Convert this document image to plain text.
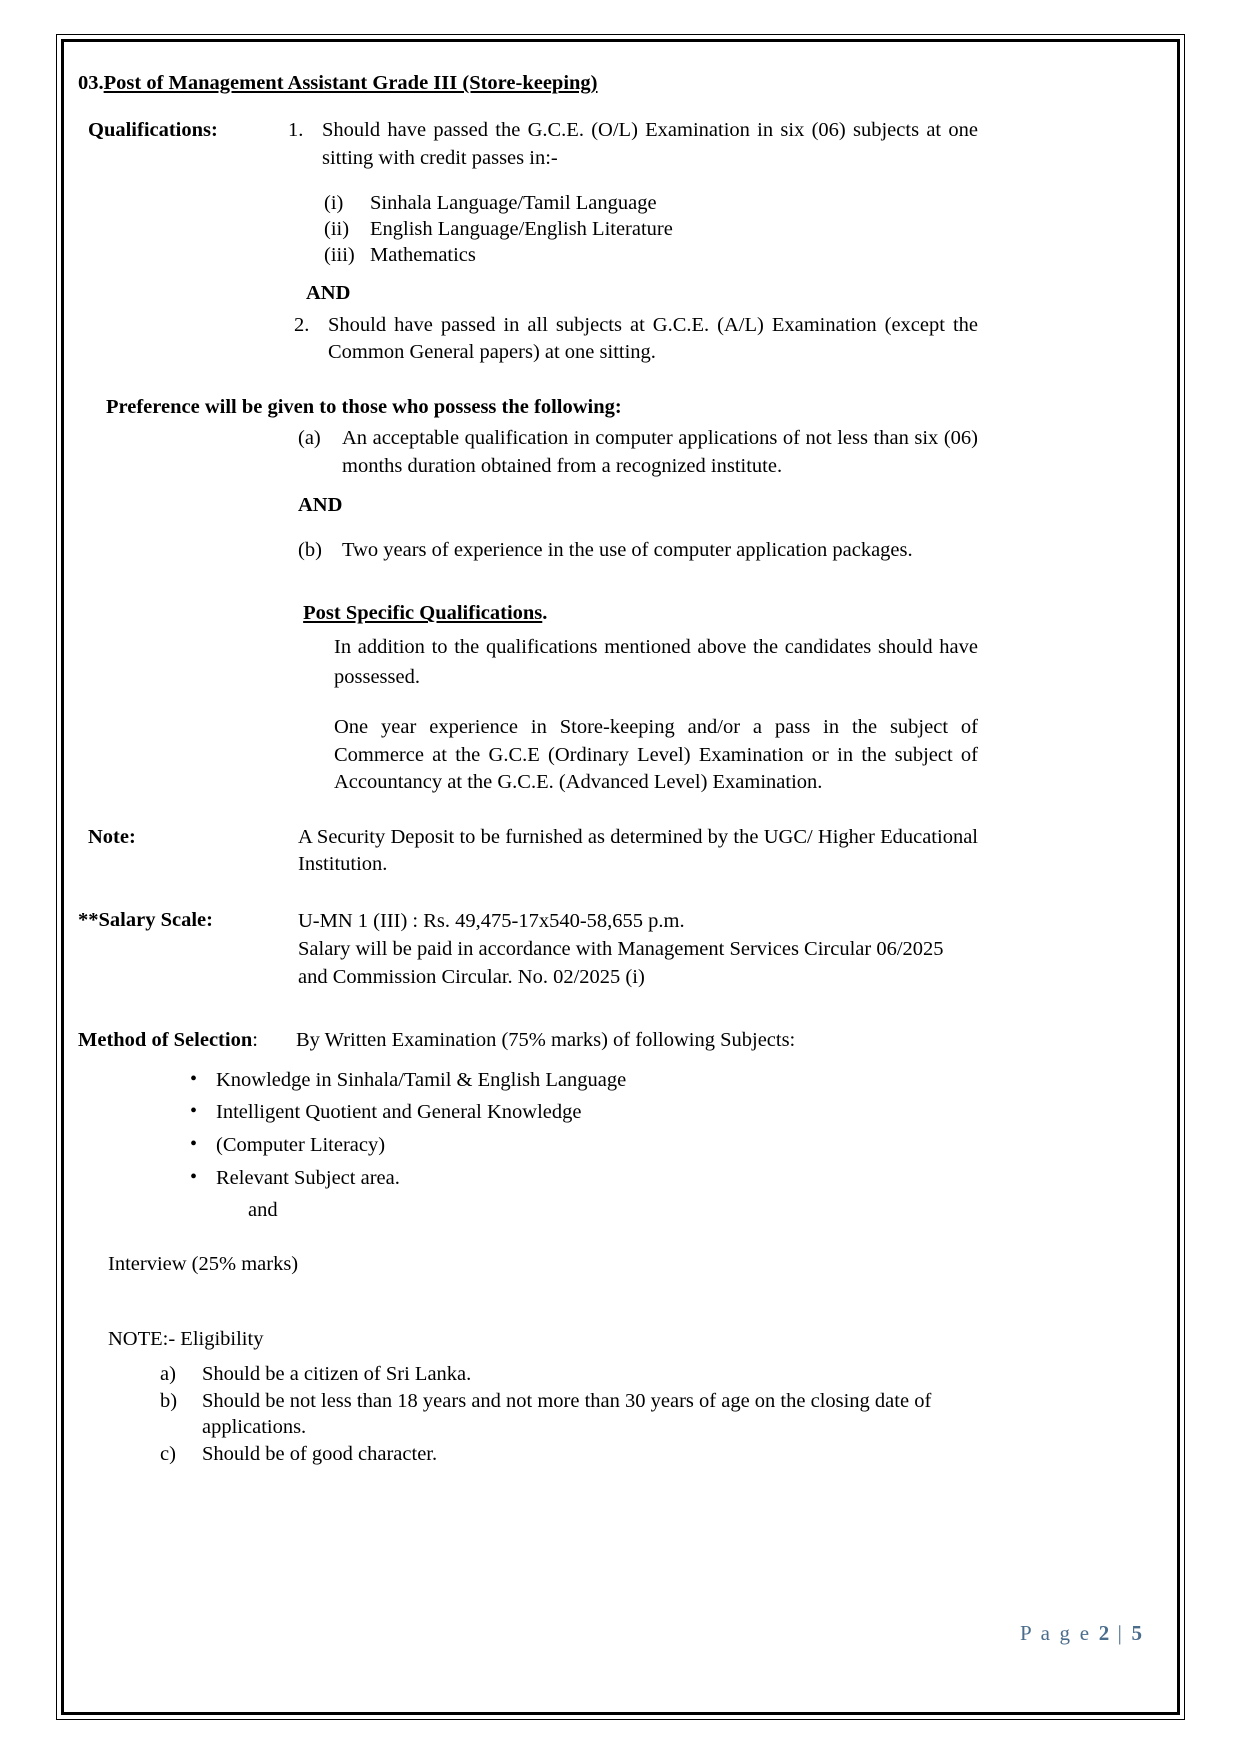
03.Post of Management Assistant Grade III (Store-keeping)
Qualifications:	1. Should have passed the G.C.E. (O/L) Examination in six (06) subjects at one sitting with credit passes in:-
(i)	Sinhala Language/Tamil Language
(ii)	English Language/English Literature
(iii) Mathematics
AND
2. Should have passed in all subjects at G.C.E. (A/L) Examination (except the Common General papers) at one sitting.
Preference will be given to those who possess the following:
(a)	An acceptable qualification in computer applications of not less than six (06) months duration obtained from a recognized institute.
AND
(b) Two years of experience in the use of computer application packages.
Post Specific Qualifications.
In addition to the qualifications mentioned above the candidates should have possessed.
One year experience in Store-keeping and/or a pass in the subject of Commerce at the G.C.E (Ordinary Level) Examination or in the subject of Accountancy at the G.C.E. (Advanced Level) Examination.
Note:	A Security Deposit to be furnished as determined by the UGC/ Higher Educational Institution.
**Salary Scale:	U-MN 1 (III) : Rs. 49,475-17x540-58,655 p.m.
Salary will be paid in accordance with Management Services Circular 06/2025
and Commission Circular. No. 02/2025 (i)
Method of Selection:	By Written Examination (75% marks) of following Subjects:
• Knowledge in Sinhala/Tamil & English Language
• Intelligent Quotient and General Knowledge
• (Computer Literacy)
• Relevant Subject area.
and
Interview (25% marks)
NOTE:- Eligibility
a)	Should be a citizen of Sri Lanka.
b)	Should be not less than 18 years and not more than 30 years of age on the closing date of applications.
c)	Should be of good character.
P a g e 2 | 5
